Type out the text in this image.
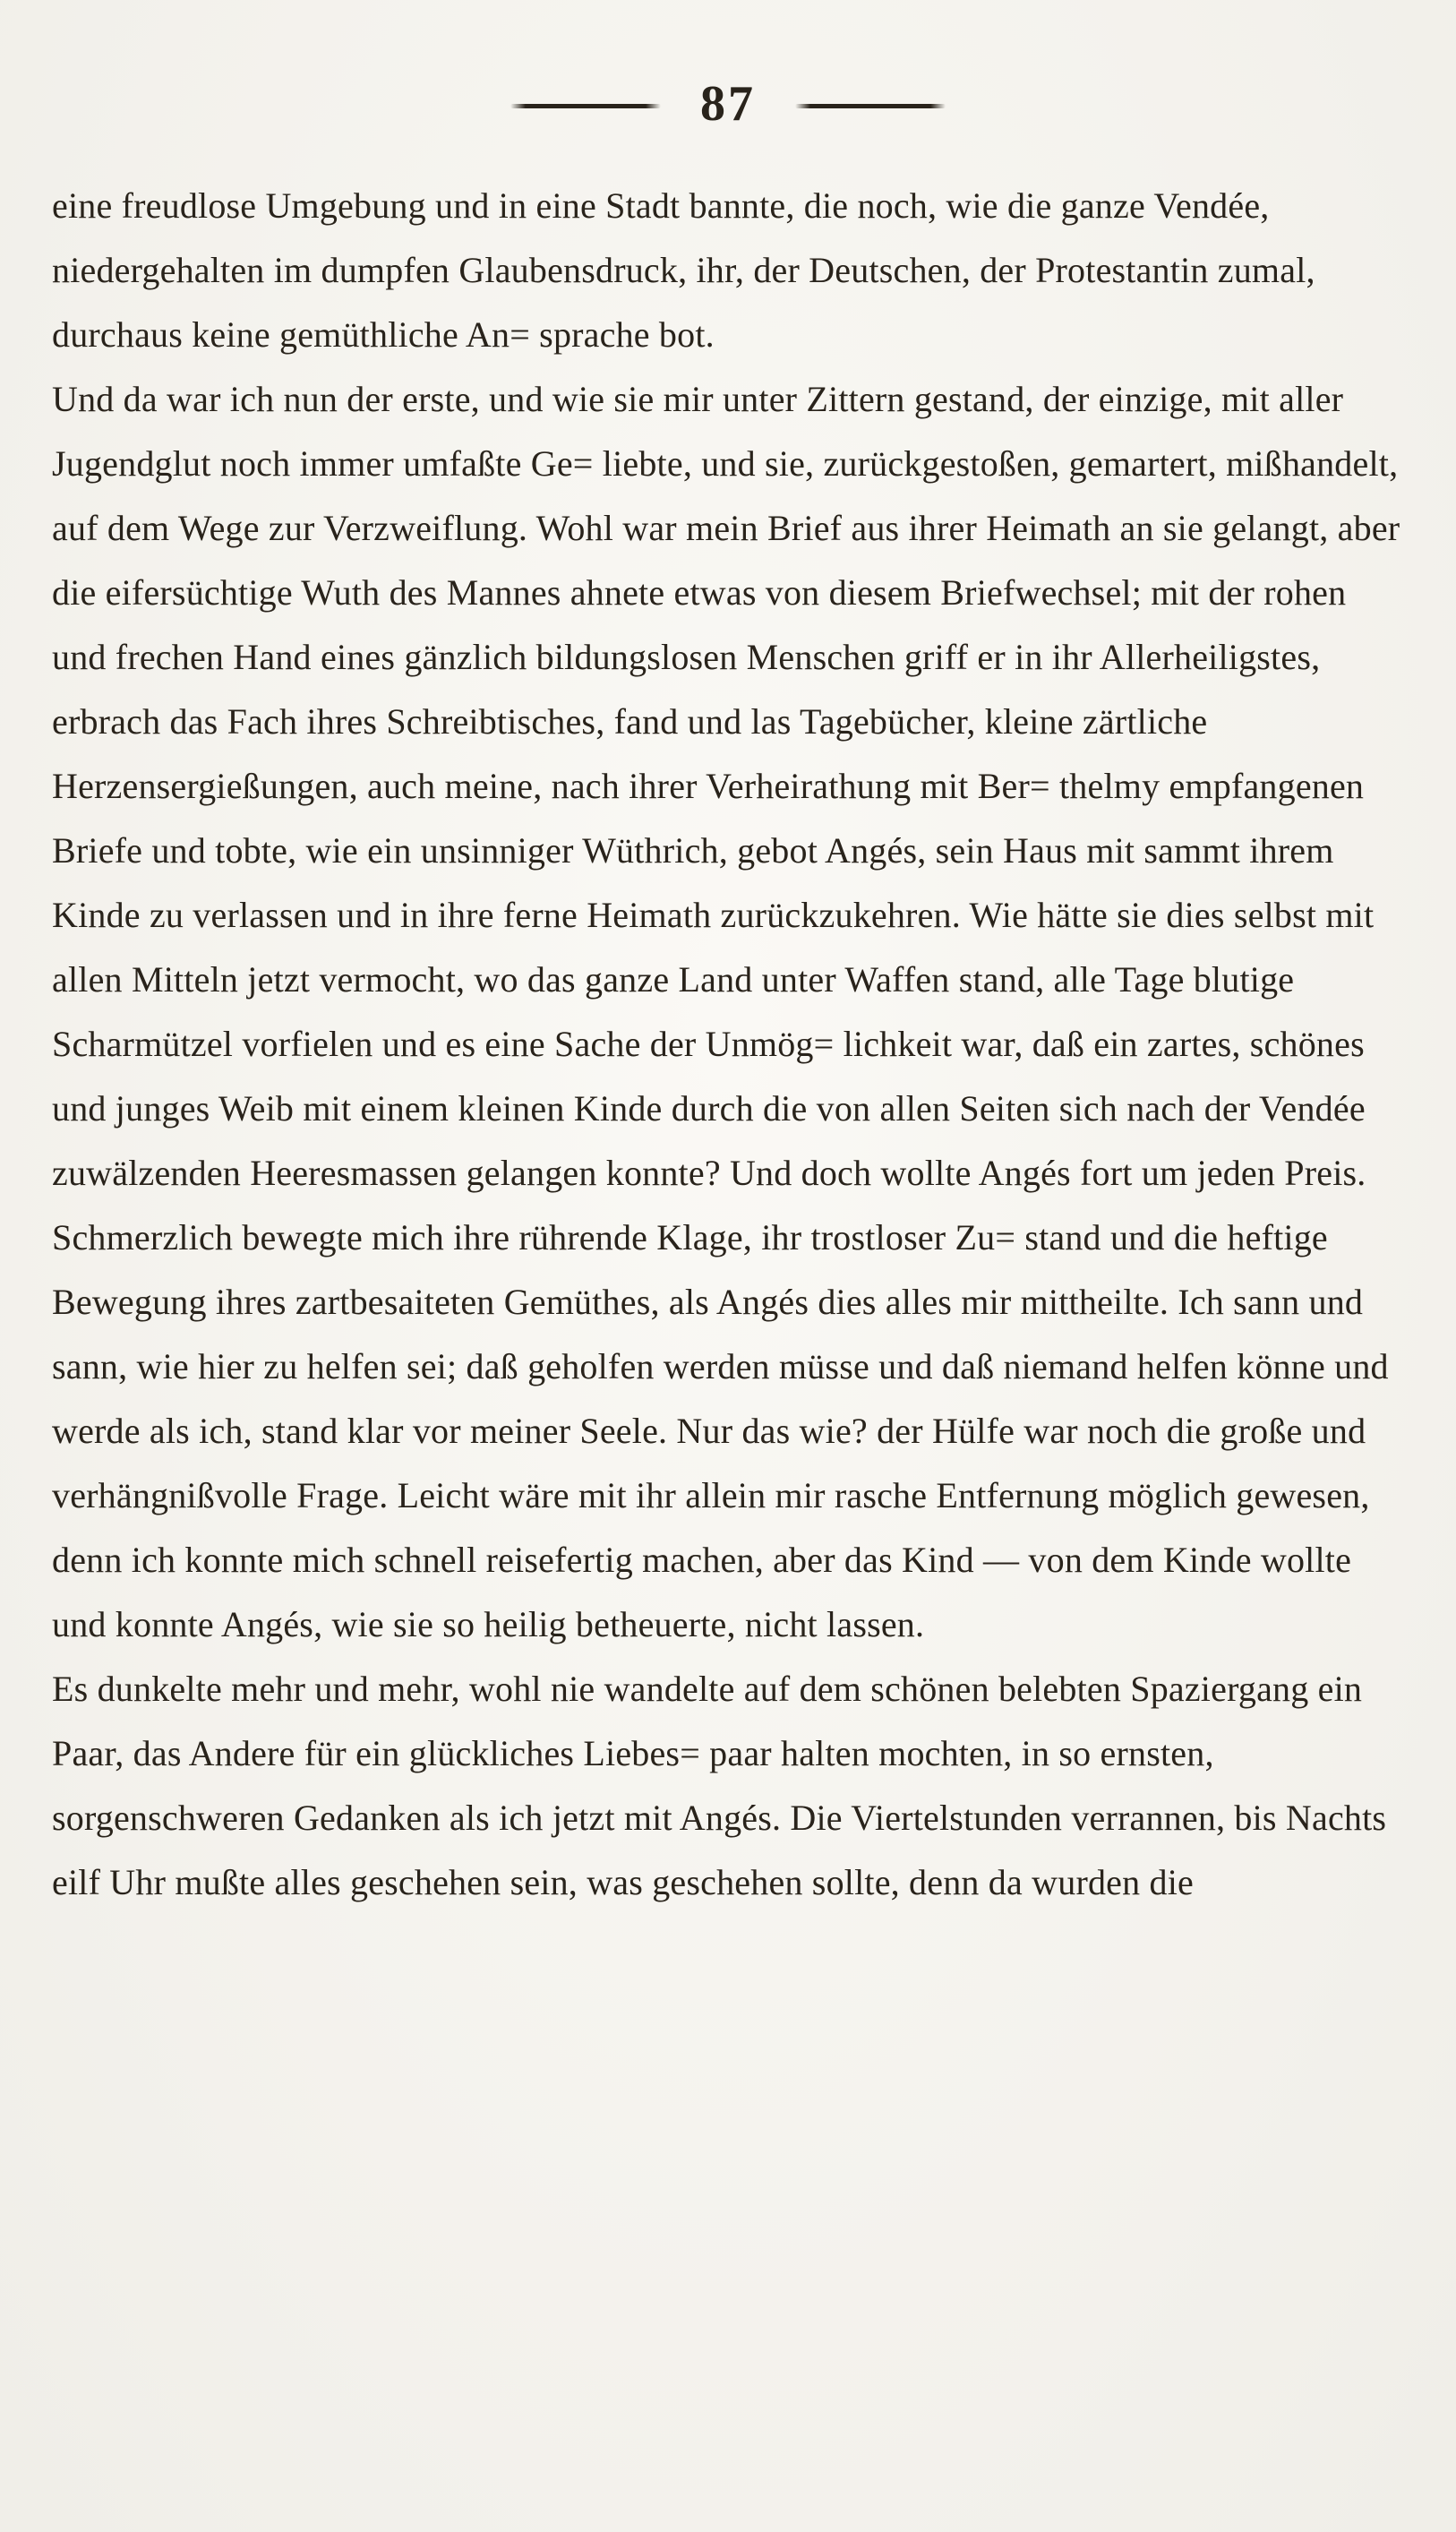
87

eine freudlose Umgebung und in eine Stadt bannte, die noch, wie die ganze Vendée, niedergehalten im dumpfen Glaubensdruck, ihr, der Deutschen, der Protestantin zumal, durchaus keine gemüthliche An= sprache bot.

Und da war ich nun der erste, und wie sie mir unter Zittern gestand, der einzige, mit aller Jugendglut noch immer umfaßte Ge= liebte, und sie, zurückgestoßen, gemartert, mißhandelt, auf dem Wege zur Verzweiflung. Wohl war mein Brief aus ihrer Heimath an sie gelangt, aber die eifersüchtige Wuth des Mannes ahnete etwas von diesem Briefwechsel; mit der rohen und frechen Hand eines gänzlich bildungslosen Menschen griff er in ihr Allerheiligstes, erbrach das Fach ihres Schreibtisches, fand und las Tagebücher, kleine zärtliche Herzensergießungen, auch meine, nach ihrer Verheirathung mit Ber= thelmy empfangenen Briefe und tobte, wie ein unsinniger Wüthrich, gebot Angés, sein Haus mit sammt ihrem Kinde zu verlassen und in ihre ferne Heimath zurückzukehren. Wie hätte sie dies selbst mit allen Mitteln jetzt vermocht, wo das ganze Land unter Waffen stand, alle Tage blutige Scharmützel vorfielen und es eine Sache der Unmög= lichkeit war, daß ein zartes, schönes und junges Weib mit einem kleinen Kinde durch die von allen Seiten sich nach der Vendée zuwälzenden Heeresmassen gelangen konnte? Und doch wollte Angés fort um jeden Preis.

Schmerzlich bewegte mich ihre rührende Klage, ihr trostloser Zu= stand und die heftige Bewegung ihres zartbesaiteten Gemüthes, als Angés dies alles mir mittheilte. Ich sann und sann, wie hier zu helfen sei; daß geholfen werden müsse und daß niemand helfen könne und werde als ich, stand klar vor meiner Seele. Nur das wie? der Hülfe war noch die große und verhängnißvolle Frage. Leicht wäre mit ihr allein mir rasche Entfernung möglich gewesen, denn ich konnte mich schnell reisefertig machen, aber das Kind — von dem Kinde wollte und konnte Angés, wie sie so heilig betheuerte, nicht lassen.

Es dunkelte mehr und mehr, wohl nie wandelte auf dem schönen belebten Spaziergang ein Paar, das Andere für ein glückliches Liebes= paar halten mochten, in so ernsten, sorgenschweren Gedanken als ich jetzt mit Angés. Die Viertelstunden verrannen, bis Nachts eilf Uhr mußte alles geschehen sein, was geschehen sollte, denn da wurden die
